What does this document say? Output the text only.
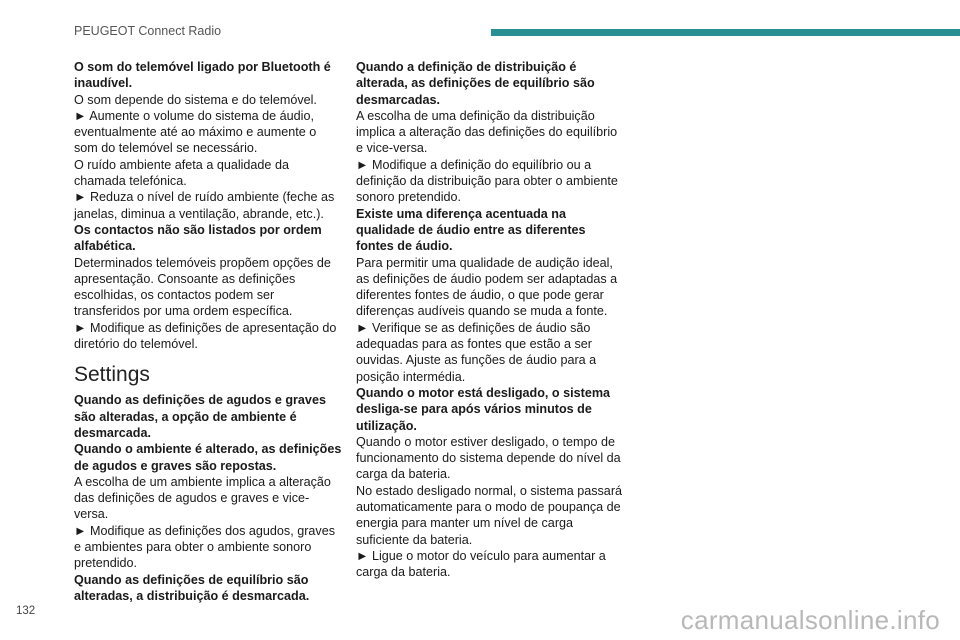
PEUGEOT Connect Radio

O som do telemóvel ligado por Bluetooth é inaudível.

O som depende do sistema e do telemóvel.

► Aumente o volume do sistema de áudio, eventualmente até ao máximo e aumente o som do telemóvel se necessário.

O ruído ambiente afeta a qualidade da chamada telefónica.

► Reduza o nível de ruído ambiente (feche as janelas, diminua a ventilação, abrande, etc.).

Os contactos não são listados por ordem alfabética.

Determinados telemóveis propõem opções de apresentação. Consoante as definições escolhidas, os contactos podem ser transferidos por uma ordem específica.

► Modifique as definições de apresentação do diretório do telemóvel.

Settings

Quando as definições de agudos e graves são alteradas, a opção de ambiente é desmarcada.

Quando o ambiente é alterado, as definições de agudos e graves são repostas.

A escolha de um ambiente implica a alteração das definições de agudos e graves e vice-versa.

► Modifique as definições dos agudos, graves e ambientes para obter o ambiente sonoro pretendido.

Quando as definições de equilíbrio são alteradas, a distribuição é desmarcada.

Quando a definição de distribuição é alterada, as definições de equilíbrio são desmarcadas.

A escolha de uma definição da distribuição implica a alteração das definições do equilíbrio e vice-versa.

► Modifique a definição do equilíbrio ou a definição da distribuição para obter o ambiente sonoro pretendido.

Existe uma diferença acentuada na qualidade de áudio entre as diferentes fontes de áudio.

Para permitir uma qualidade de audição ideal, as definições de áudio podem ser adaptadas a diferentes fontes de áudio, o que pode gerar diferenças audíveis quando se muda a fonte.

► Verifique se as definições de áudio são adequadas para as fontes que estão a ser ouvidas. Ajuste as funções de áudio para a posição intermédia.

Quando o motor está desligado, o sistema desliga-se para após vários minutos de utilização.

Quando o motor estiver desligado, o tempo de funcionamento do sistema depende do nível da carga da bateria.

No estado desligado normal, o sistema passará automaticamente para o modo de poupança de energia para manter um nível de carga suficiente da bateria.

► Ligue o motor do veículo para aumentar a carga da bateria.

132	carmanualsonline.info
